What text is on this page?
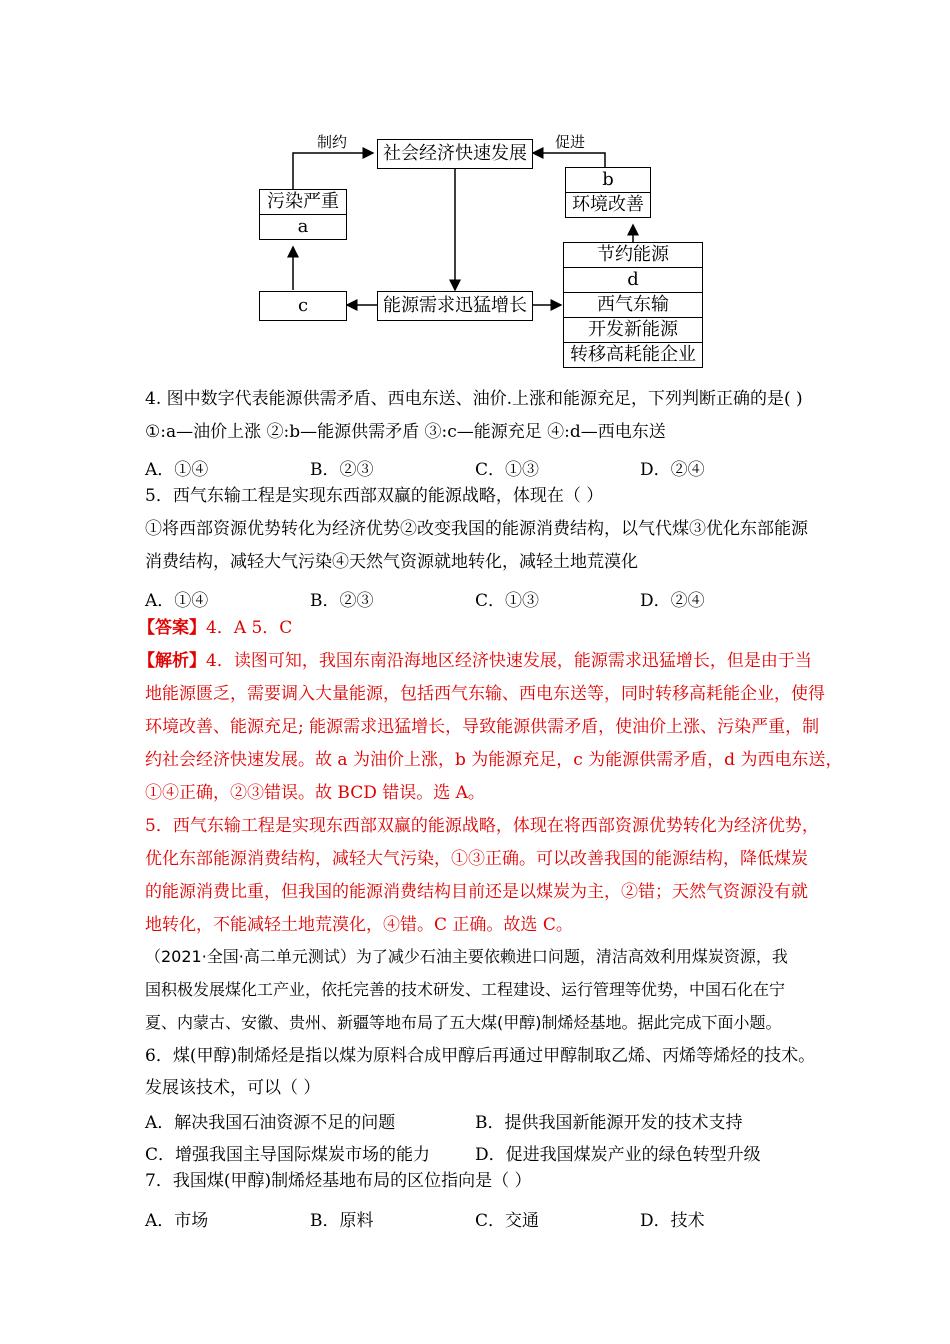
制约	促进
社会经济快速发展
能源需求迅猛增长
污染严重
a
c
b
环境改善
节约能源
d
西气东输
开发新能源
转移高耗能企业
4. 图中数字代表能源供需矛盾、西电东送、油价.上涨和能源充足，下列判断正确的是( )
①:a—油价上涨 ②:b—能源供需矛盾 ③:c—能源充足 ④:d—西电东送
A．①④	B．②③	C．①③	D．②④
5．西气东输工程是实现东西部双赢的能源战略，体现在（ ）
①将西部资源优势转化为经济优势②改变我国的能源消费结构，以气代煤③优化东部能源
消费结构，减轻大气污染④天然气资源就地转化，减轻土地荒漠化
A．①④	B．②③	C．①③	D．②④
【答案】4．A 5．C
【解析】4．读图可知，我国东南沿海地区经济快速发展，能源需求迅猛增长，但是由于当
地能源匮乏，需要调入大量能源，包括西气东输、西电东送等，同时转移高耗能企业，使得
环境改善、能源充足; 能源需求迅猛增长，导致能源供需矛盾，使油价上涨、污染严重，制
约社会经济快速发展。故 a 为油价上涨，b 为能源充足，c 为能源供需矛盾，d 为西电东送，
①④正确，②③错误。故 BCD 错误。选 A。
5．西气东输工程是实现东西部双赢的能源战略，体现在将西部资源优势转化为经济优势，
优化东部能源消费结构，减轻大气污染，①③正确。可以改善我国的能源结构，降低煤炭
的能源消费比重，但我国的能源消费结构目前还是以煤炭为主，②错；天然气资源没有就
地转化，不能减轻土地荒漠化，④错。C 正确。故选 C。
（2021·全国·高二单元测试）为了减少石油主要依赖进口问题，清洁高效利用煤炭资源，我
国积极发展煤化工产业，依托完善的技术研发、工程建设、运行管理等优势，中国石化在宁
夏、内蒙古、安徽、贵州、新疆等地布局了五大煤(甲醇)制烯烃基地。据此完成下面小题。
6．煤(甲醇)制烯烃是指以煤为原料合成甲醇后再通过甲醇制取乙烯、丙烯等烯烃的技术。
发展该技术，可以（ ）
A．解决我国石油资源不足的问题	B．提供我国新能源开发的技术支持
C．增强我国主导国际煤炭市场的能力	D．促进我国煤炭产业的绿色转型升级
7．我国煤(甲醇)制烯烃基地布局的区位指向是（ ）
A．市场	B．原料	C．交通	D．技术
